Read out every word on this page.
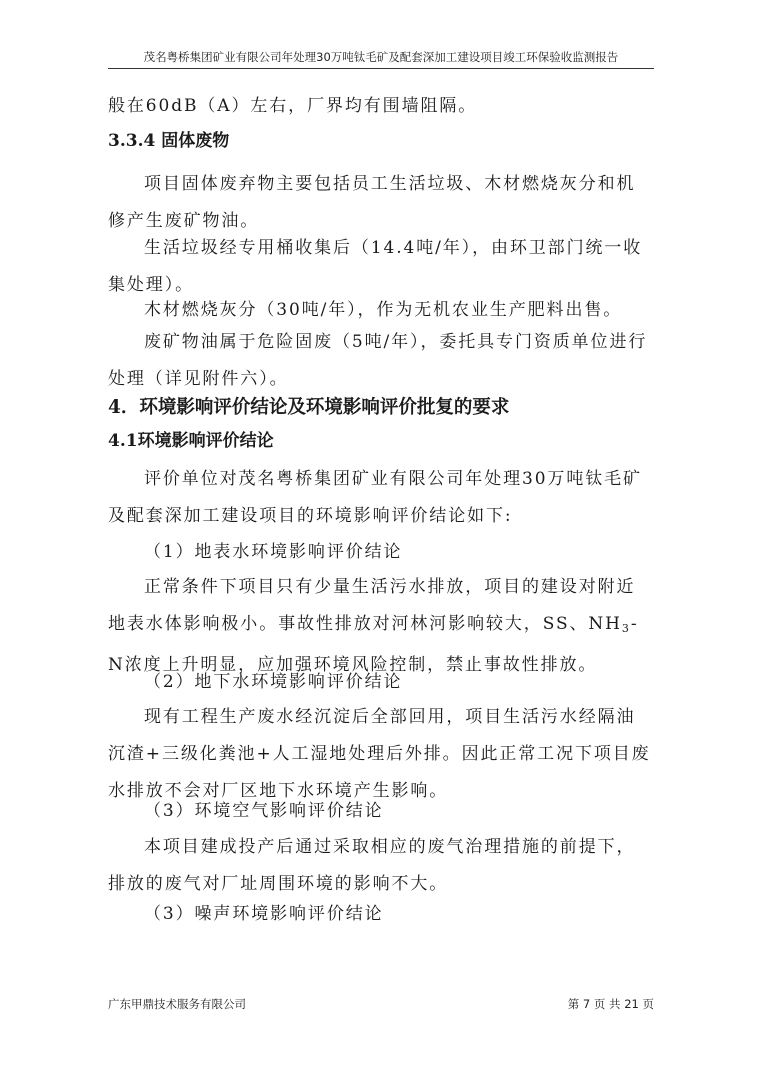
茂名粤桥集团矿业有限公司年处理30万吨钛毛矿及配套深加工建设项目竣工环保验收监测报告

般在60dB（A）左右，厂界均有围墙阻隔。

3.3.4 固体废物

项目固体废弃物主要包括员工生活垃圾、木材燃烧灰分和机修产生废矿物油。

生活垃圾经专用桶收集后（14.4吨/年），由环卫部门统一收集处理）。

木材燃烧灰分（30吨/年），作为无机农业生产肥料出售。

废矿物油属于危险固废（5吨/年），委托具专门资质单位进行处理（详见附件六）。

4．环境影响评价结论及环境影响评价批复的要求
4.1环境影响评价结论

评价单位对茂名粤桥集团矿业有限公司年处理30万吨钛毛矿及配套深加工建设项目的环境影响评价结论如下:

（1）地表水环境影响评价结论

正常条件下项目只有少量生活污水排放，项目的建设对附近地表水体影响极小。事故性排放对河林河影响较大，SS、$NH_3-N$浓度上升明显，应加强环境风险控制，禁止事故性排放。

（2）地下水环境影响评价结论

现有工程生产废水经沉淀后全部回用，项目生活污水经隔油沉渣+三级化粪池+人工湿地处理后外排。因此正常工况下项目废水排放不会对厂区地下水环境产生影响。

（3）环境空气影响评价结论

本项目建成投产后通过采取相应的废气治理措施的前提下，排放的废气对厂址周围环境的影响不大。

（3）噪声环境影响评价结论

广东甲鼎技术服务有限公司	第 7 页 共 21 页
